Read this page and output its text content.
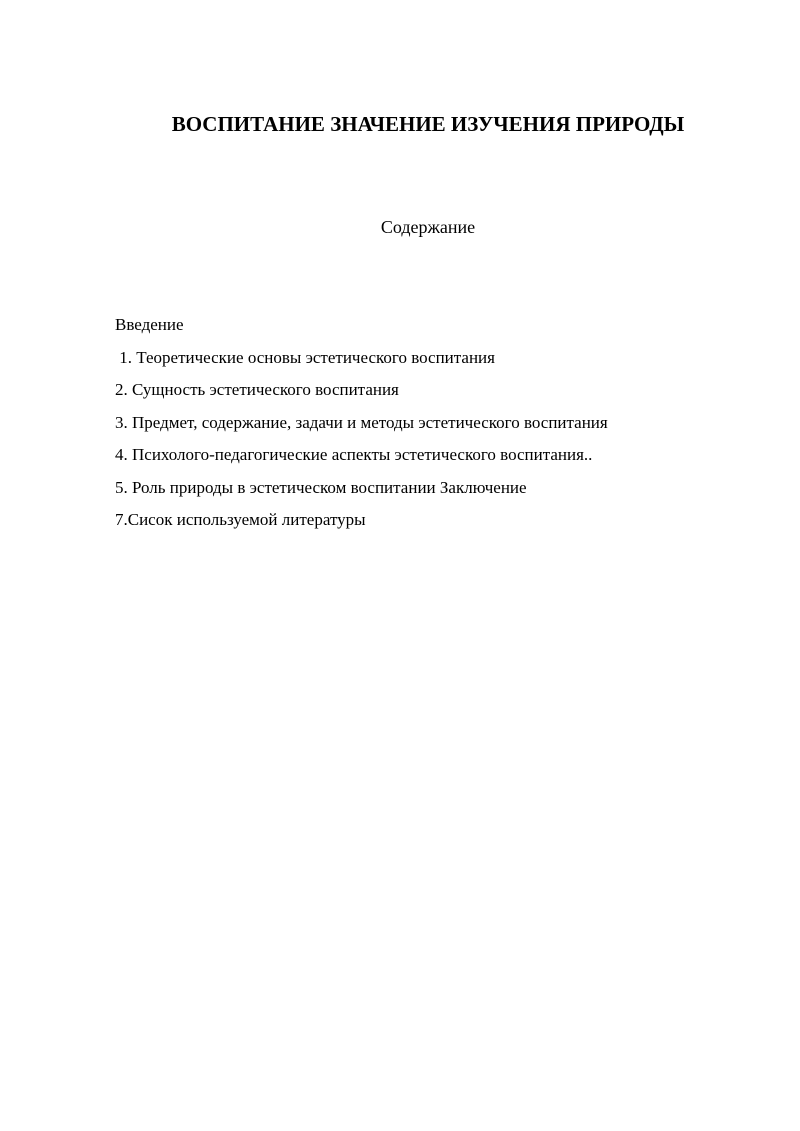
ВОСПИТАНИЕ ЗНАЧЕНИЕ ИЗУЧЕНИЯ ПРИРОДЫ
Содержание
Введение
1. Теоретические основы эстетического воспитания
2. Сущность эстетического воспитания
3. Предмет, содержание, задачи и методы эстетического воспитания
4. Психолого-педагогические аспекты эстетического воспитания..
5. Роль природы в эстетическом воспитании Заключение
7.Сисок используемой литературы
